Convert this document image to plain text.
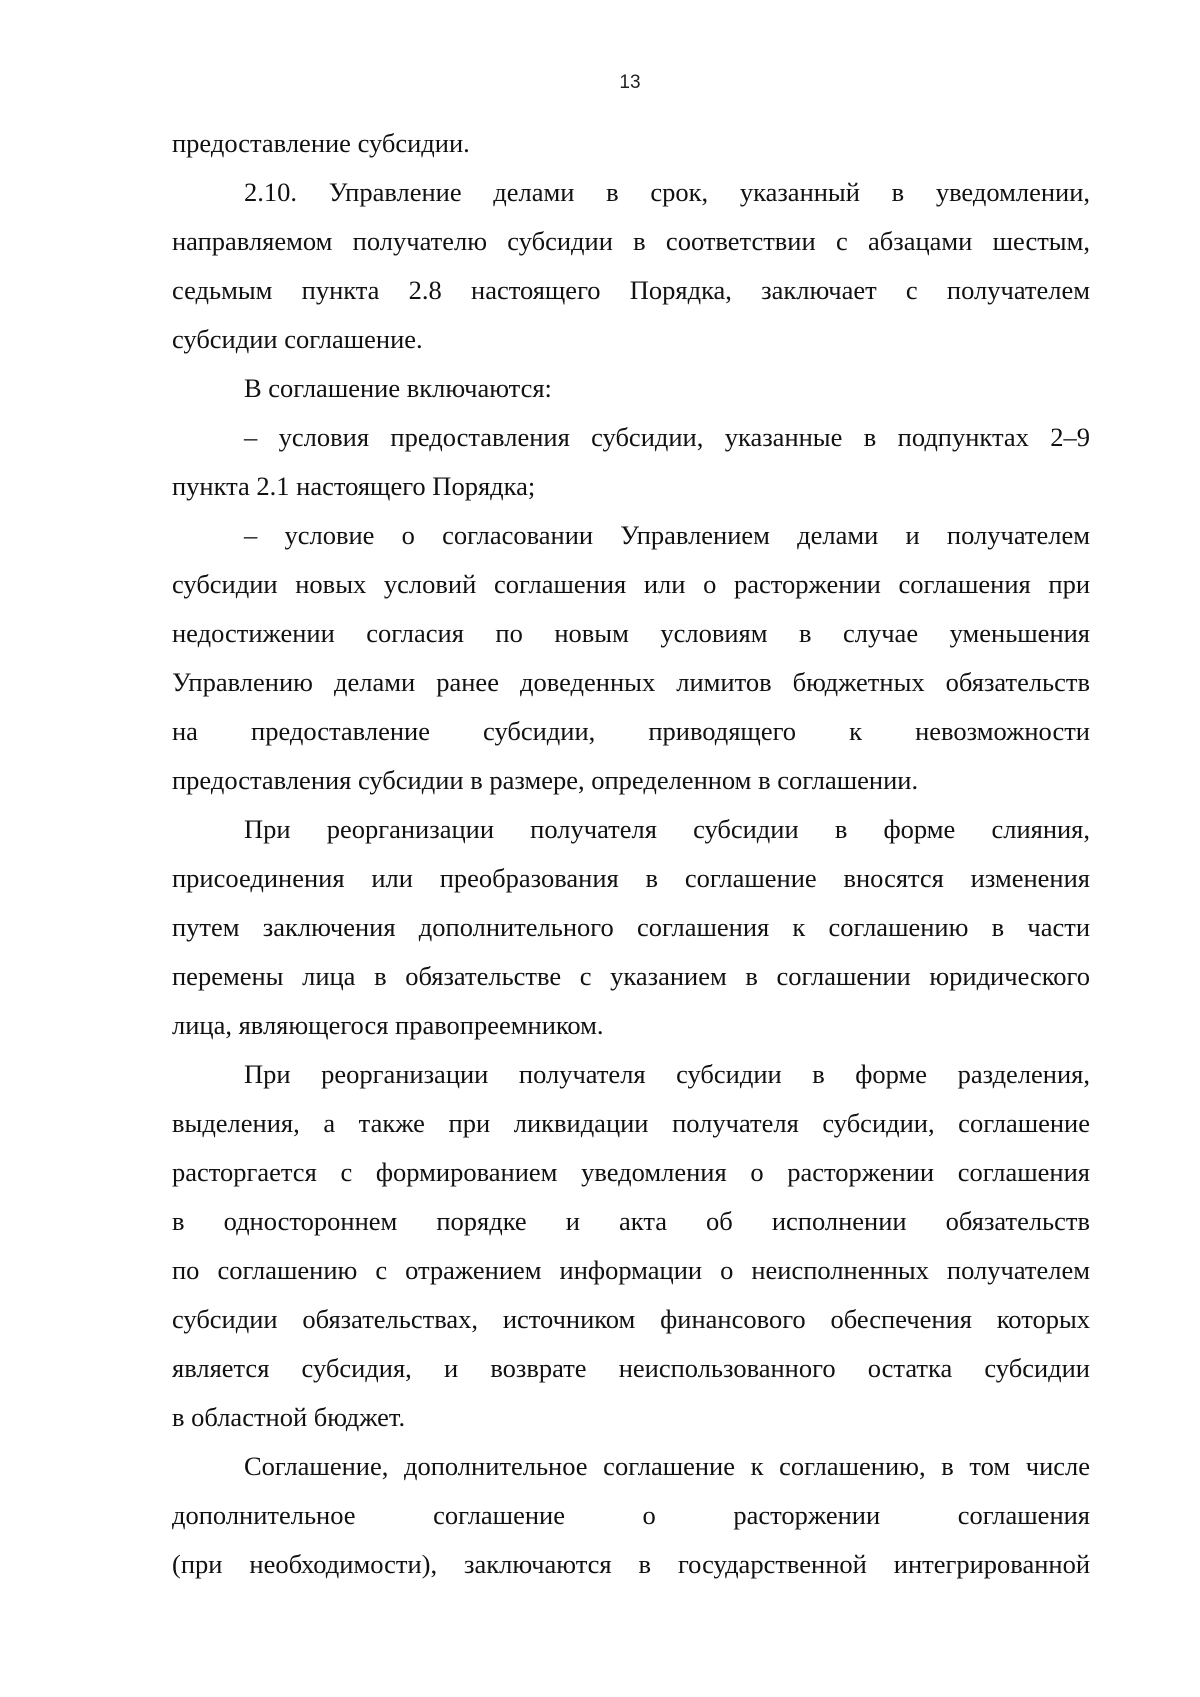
13
предоставление субсидии.
2.10. Управление делами в срок, указанный в уведомлении,
направляемом получателю субсидии в соответствии с абзацами шестым,
седьмым пункта 2.8 настоящего Порядка, заключает с получателем
субсидии соглашение.
В соглашение включаются:
– условия предоставления субсидии, указанные в подпунктах 2–9
пункта 2.1 настоящего Порядка;
– условие о согласовании Управлением делами и получателем
субсидии новых условий соглашения или о расторжении соглашения при
недостижении согласия по новым условиям в случае уменьшения
Управлению делами ранее доведенных лимитов бюджетных обязательств
на предоставление субсидии, приводящего к невозможности
предоставления субсидии в размере, определенном в соглашении.
При реорганизации получателя субсидии в форме слияния,
присоединения или преобразования в соглашение вносятся изменения
путем заключения дополнительного соглашения к соглашению в части
перемены лица в обязательстве с указанием в соглашении юридического
лица, являющегося правопреемником.
При реорганизации получателя субсидии в форме разделения,
выделения, а также при ликвидации получателя субсидии, соглашение
расторгается с формированием уведомления о расторжении соглашения
в одностороннем порядке и акта об исполнении обязательств
по соглашению с отражением информации о неисполненных получателем
субсидии обязательствах, источником финансового обеспечения которых
является субсидия, и возврате неиспользованного остатка субсидии
в областной бюджет.
Соглашение, дополнительное соглашение к соглашению, в том числе
дополнительное соглашение о расторжении соглашения
(при необходимости), заключаются в государственной интегрированной
